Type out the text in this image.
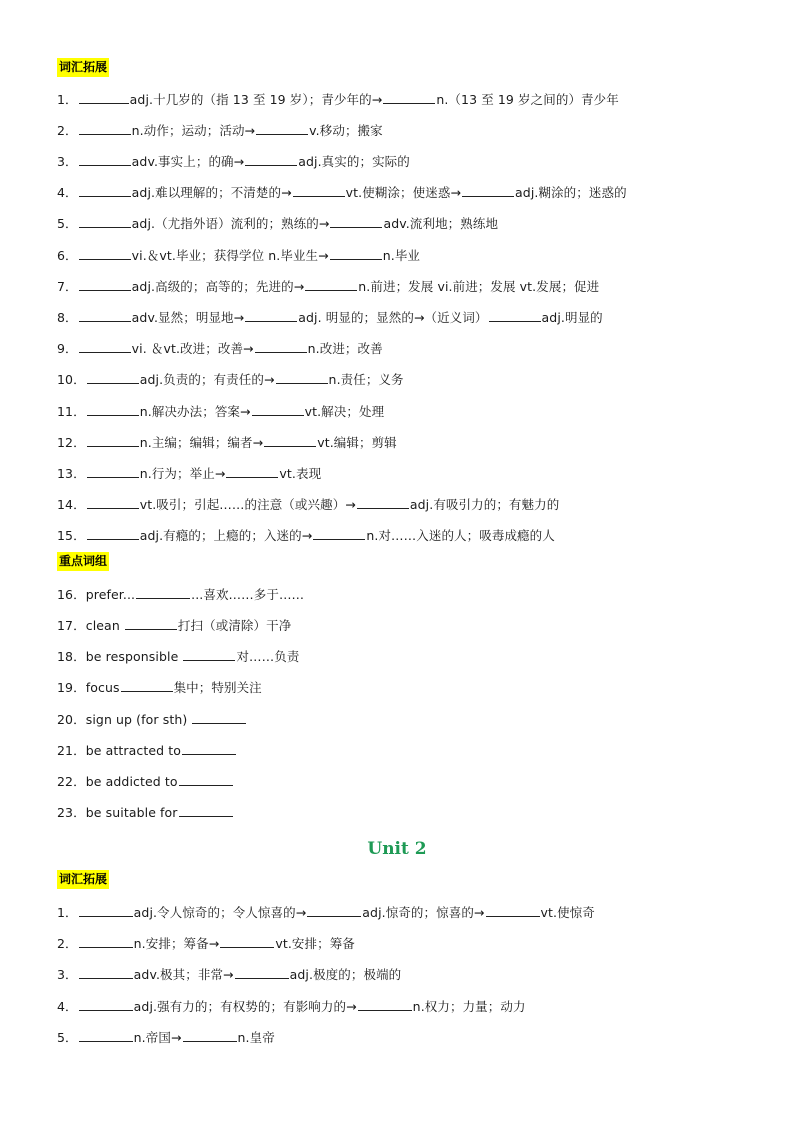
词汇拓展
1．	adj.十几岁的（指 13 至 19 岁）；青少年的→	n.（13 至 19 岁之间的）青少年
2．	n.动作；运动；活动→	v.移动；搬家
3．	adv.事实上；的确→	adj.真实的；实际的
4．	adj.难以理解的；不清楚的→	vt.使糊涂；使迷惑→	adj.糊涂的；迷惑的
5．	adj.（尤指外语）流利的；熟练的→	adv.流利地；熟练地
6．	vi.＆vt.毕业；获得学位 n.毕业生→	n.毕业
7．	adj.高级的；高等的；先进的→	n.前进；发展 vi.前进；发展 vt.发展；促进
8．	adv.显然；明显地→	adj. 明显的；显然的→（近义词）	adj.明显的
9．	vi. ＆vt.改进；改善→	n.改进；改善
10．	adj.负责的；有责任的→	n.责任；义务
11．	n.解决办法；答案→	vt.解决；处理
12．	n.主编；编辑；编者→	vt.编辑；剪辑
13．	n.行为；举止→	vt.表现
14．	vt.吸引；引起……的注意（或兴趣）→	adj.有吸引力的；有魅力的
15．	adj.有瘾的；上瘾的；入迷的→	n.对……入迷的人；吸毒成瘾的人
重点词组
16．prefer...	...喜欢……多于……
17．clean	打扫（或清除）干净
18．be responsible	对……负责
19．focus	集中；特别关注
20．sign up (for sth)
21．be attracted to
22．be addicted to
23．be suitable for
Unit 2
词汇拓展
1．	adj.令人惊奇的；令人惊喜的→	adj.惊奇的；惊喜的→	vt.使惊奇
2．	n.安排；筹备→	vt.安排；筹备
3．	adv.极其；非常→	adj.极度的；极端的
4．	adj.强有力的；有权势的；有影响力的→	n.权力；力量；动力
5．	n.帝国→	n.皇帝
